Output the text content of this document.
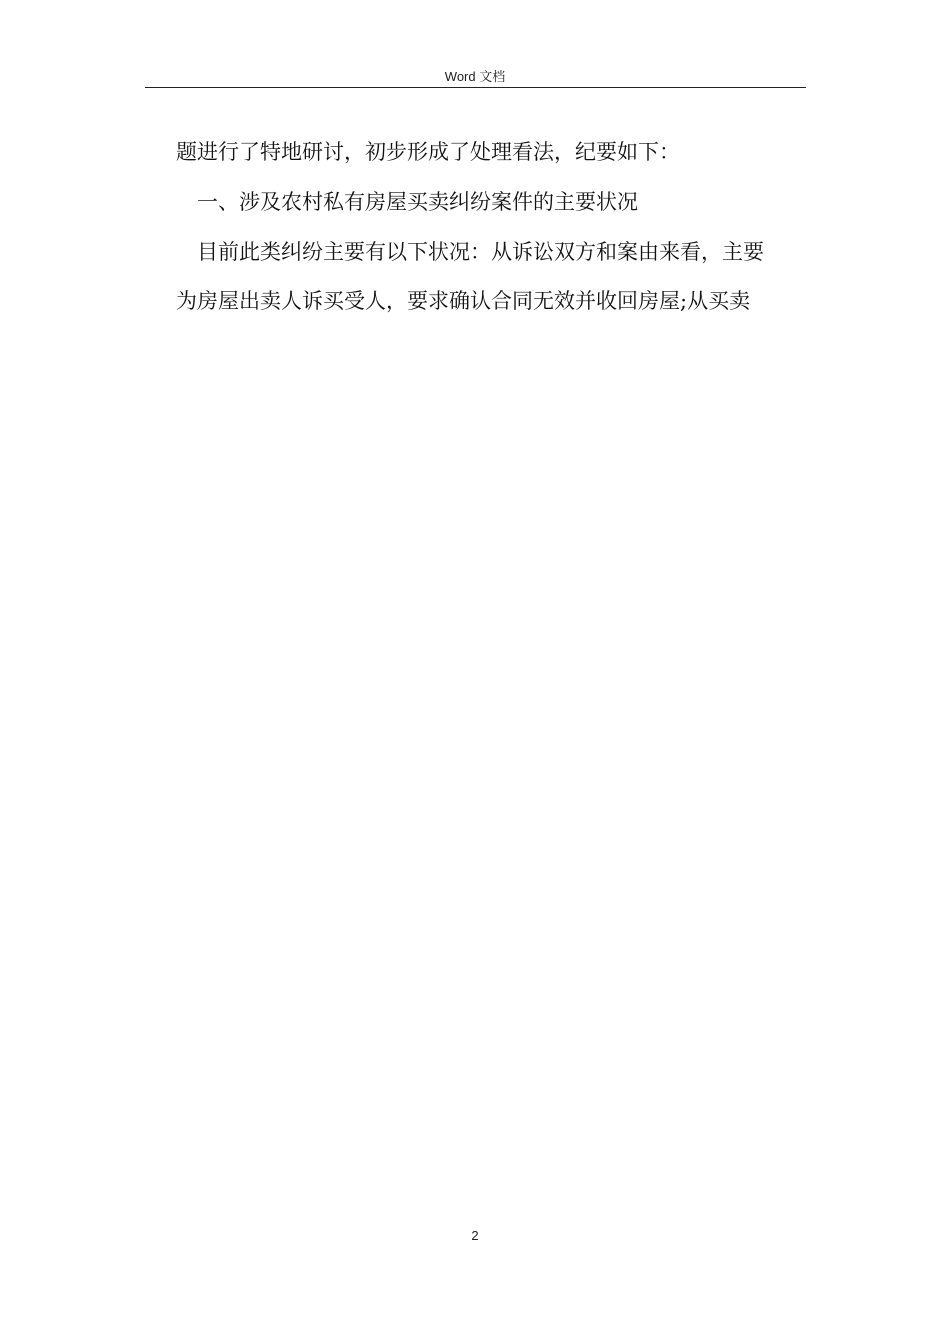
Word 文档
题进行了特地研讨，初步形成了处理看法，纪要如下：
一、涉及农村私有房屋买卖纠纷案件的主要状况
目前此类纠纷主要有以下状况：从诉讼双方和案由来看，主要
为房屋出卖人诉买受人，要求确认合同无效并收回房屋;从买卖
2
